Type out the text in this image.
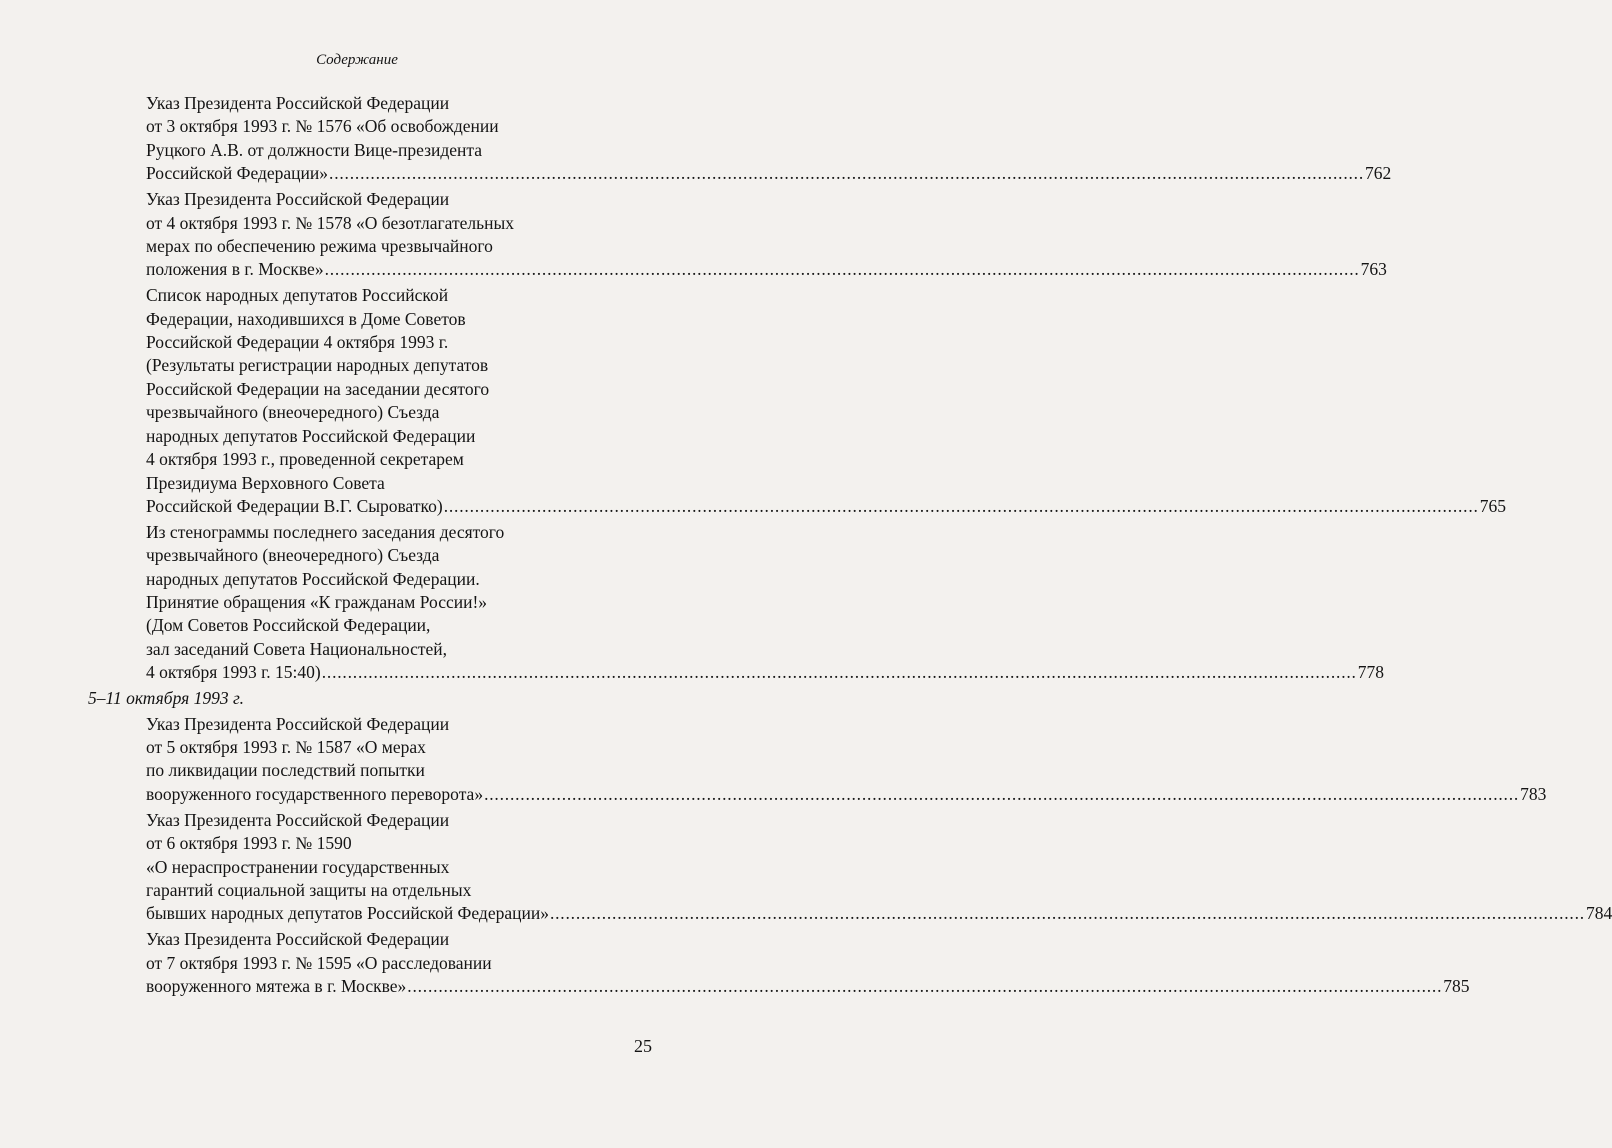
Содержание
Указ Президента Российской Федерации
от 3 октября 1993 г. № 1576 «Об освобождении
Руцкого А.В. от должности Вице-президента
Российской Федерации» ........................................................................................................................................................................................................ 762
Указ Президента Российской Федерации
от 4 октября 1993 г. № 1578 «О безотлагательных
мерах по обеспечению режима чрезвычайного
положения в г. Москве» ........................................................................................................................................................................................................ 763
Список народных депутатов Российской
Федерации, находившихся в Доме Советов
Российской Федерации 4 октября 1993 г.
(Результаты регистрации народных депутатов
Российской Федерации на заседании десятого
чрезвычайного (внеочередного) Съезда
народных депутатов Российской Федерации
4 октября 1993 г., проведенной секретарем
Президиума Верховного Совета
Российской Федерации В.Г. Сыроватко) ........................................................................................................................................................................................................ 765
Из стенограммы последнего заседания десятого
чрезвычайного (внеочередного) Съезда
народных депутатов Российской Федерации.
Принятие обращения «К гражданам России!»
(Дом Советов Российской Федерации,
зал заседаний Совета Национальностей,
4 октября 1993 г. 15:40) ........................................................................................................................................................................................................ 778
5–11 октября 1993 г.
Указ Президента Российской Федерации
от 5 октября 1993 г. № 1587 «О мерах
по ликвидации последствий попытки
вооруженного государственного переворота» ........................................................................................................................................................................................................ 783
Указ Президента Российской Федерации
от 6 октября 1993 г. № 1590
«О нераспространении государственных
гарантий социальной защиты на отдельных
бывших народных депутатов Российской Федерации» ........................................................................................................................................................................................................ 784
Указ Президента Российской Федерации
от 7 октября 1993 г. № 1595 «О расследовании
вооруженного мятежа в г. Москве» ........................................................................................................................................................................................................ 785
25
